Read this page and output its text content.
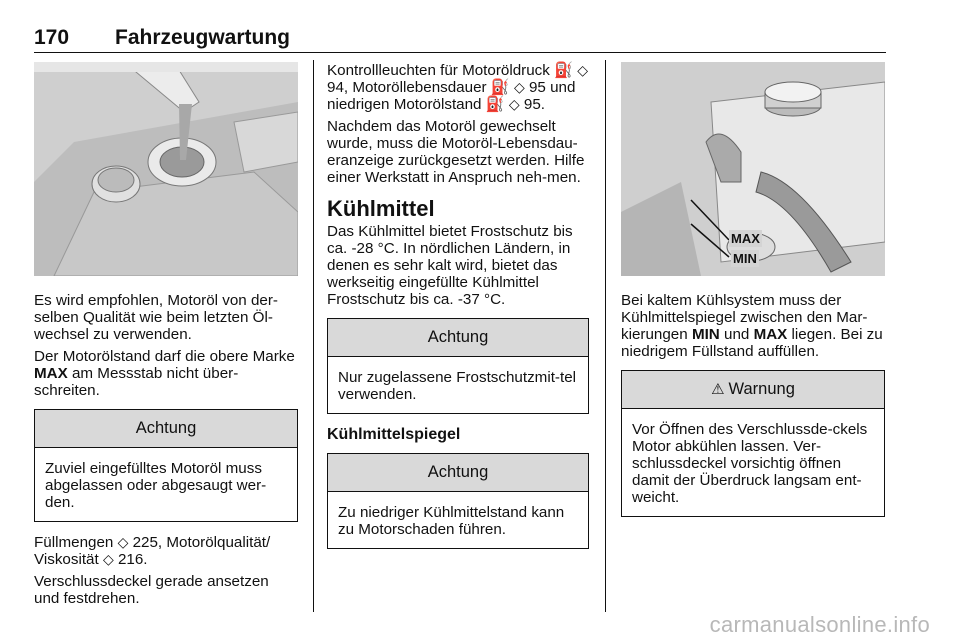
170 Fahrzeugwartung

Es wird empfohlen, Motoröl von der-selben Qualität wie beim letzten Öl-wechsel zu verwenden.

Der Motorölstand darf die obere Marke MAX am Messstab nicht über-schreiten.

Achtung
Zuviel eingefülltes Motoröl muss abgelassen oder abgesaugt wer-den.

Füllmengen ◇ 225, Motorölqualität/ Viskosität ◇ 216.

Verschlussdeckel gerade ansetzen und festdrehen.

Kontrollleuchten für Motoröldruck ⛽ ◇ 94, Motoröllebensdauer ⛽ ◇ 95 und niedrigen Motorölstand ⛽ ◇ 95.

Nachdem das Motoröl gewechselt wurde, muss die Motoröl-Lebensdau-eranzeige zurückgesetzt werden. Hilfe einer Werkstatt in Anspruch neh-men.

Kühlmittel

Das Kühlmittel bietet Frostschutz bis ca. -28 °C. In nördlichen Ländern, in denen es sehr kalt wird, bietet das werkseitig eingefüllte Kühlmittel Frostschutz bis ca. -37 °C.

Achtung
Nur zugelassene Frostschutzmit-tel verwenden.
Kühlmittelspiegel
Achtung
Zu niedriger Kühlmittelstand kann zu Motorschaden führen.
MAX
MIN

Bei kaltem Kühlsystem muss der Kühlmittelspiegel zwischen den Mar-kierungen MIN und MAX liegen. Bei zu niedrigem Füllstand auffüllen.

⚠ Warnung
Vor Öffnen des Verschlussde-ckels Motor abkühlen lassen. Ver-schlussdeckel vorsichtig öffnen damit der Überdruck langsam ent-weicht.
carmanualsonline.info
